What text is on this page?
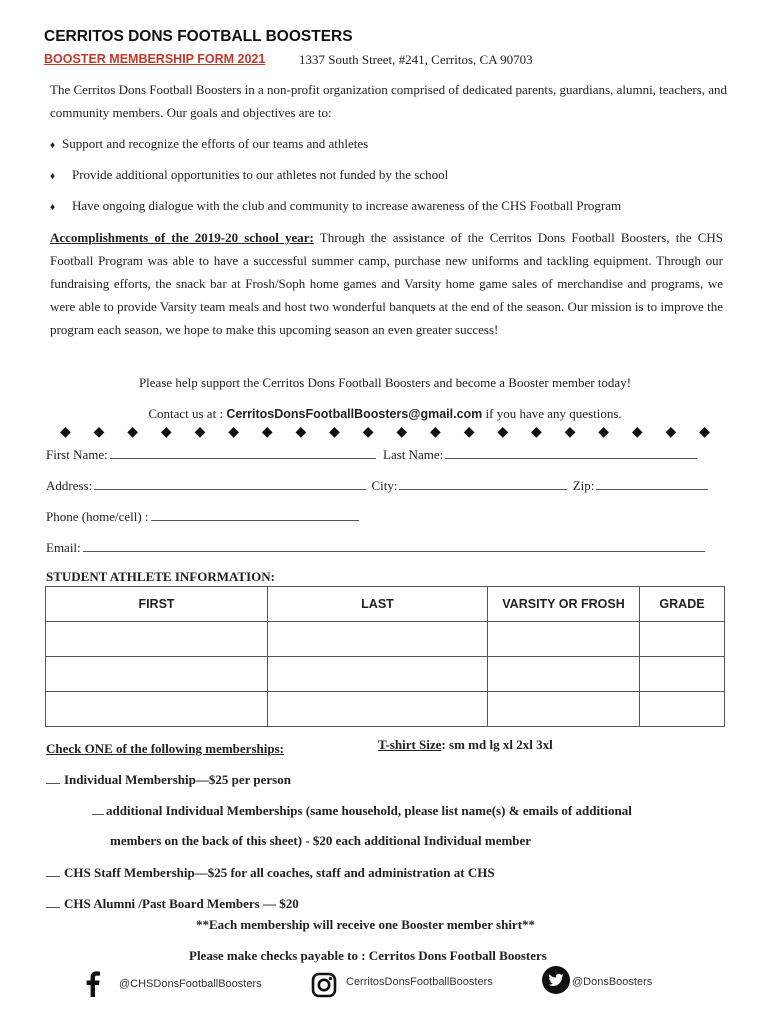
CERRITOS DONS FOOTBALL BOOSTERS
BOOSTER MEMBERSHIP FORM 2021	1337 South Street, #241, Cerritos, CA 90703
The Cerritos Dons Football Boosters in a non-profit organization comprised of dedicated parents, guardians, alumni, teachers, and community members. Our goals and objectives are to:
♦ Support and recognize the efforts of our teams and athletes
♦ Provide additional opportunities to our athletes not funded by the school
♦ Have ongoing dialogue with the club and community to increase awareness of the CHS Football Program
Accomplishments of the 2019-20 school year: Through the assistance of the Cerritos Dons Football Boosters, the CHS Football Program was able to have a successful summer camp, purchase new uniforms and tackling equipment. Through our fundraising efforts, the snack bar at Frosh/Soph home games and Varsity home game sales of merchandise and programs, we were able to provide Varsity team meals and host two wonderful banquets at the end of the season. Our mission is to improve the program each season, we hope to make this upcoming season an even greater success!
Please help support the Cerritos Dons Football Boosters and become a Booster member today!
Contact us at : CerritosDonsFootballBoosters@gmail.com if you have any questions.
◆ ◆ ◆ ◆ ◆ ◆ ◆ ◆ ◆ ◆ ◆ ◆ ◆ ◆ ◆ ◆ ◆ ◆ ◆ ◆
First Name:	Last Name:
Address:	City:	Zip:
Phone (home/cell) :
Email:
STUDENT ATHLETE INFORMATION:
FIRST	LAST	VARSITY OR FROSH	GRADE

Check ONE of the following memberships:	T-shirt Size: sm md lg xl 2xl 3xl
Individual Membership—$25 per person
additional Individual Memberships (same household, please list name(s) & emails of additional
members on the back of this sheet) - $20 each additional Individual member
CHS Staff Membership—$25 for all coaches, staff and administration at CHS
CHS Alumni /Past Board Members — $20
**Each membership will receive one Booster member shirt**
Please make checks payable to : Cerritos Dons Football Boosters
@CHSDonsFootballBoosters	CerritosDonsFootballBoosters	@DonsBoosters
